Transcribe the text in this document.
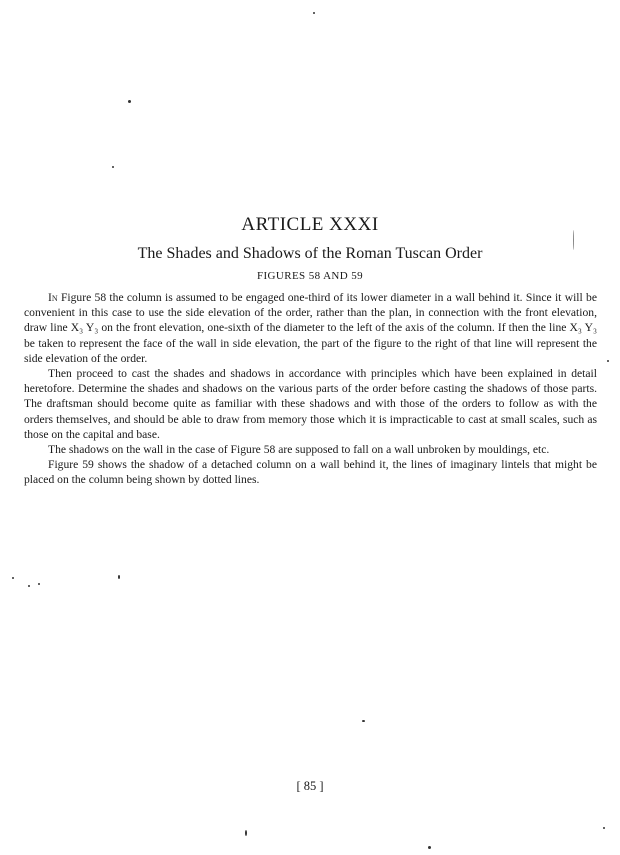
ARTICLE XXXI
The Shades and Shadows of the Roman Tuscan Order
FIGURES 58 AND 59

In Figure 58 the column is assumed to be engaged one-third of its lower diameter in a wall behind it. Since it will be convenient in this case to use the side elevation of the order, rather than the plan, in connection with the front elevation, draw line X₃ Y₃ on the front elevation, one-sixth of the diameter to the left of the axis of the column. If then the line X₃ Y₃ be taken to represent the face of the wall in side elevation, the part of the figure to the right of that line will represent the side elevation of the order.

Then proceed to cast the shades and shadows in accordance with principles which have been explained in detail heretofore. Determine the shades and shadows on the various parts of the order before casting the shadows of those parts. The draftsman should become quite as familiar with these shadows and with those of the orders to follow as with the orders themselves, and should be able to draw from memory those which it is impracticable to cast at small scales, such as those on the capital and base.

The shadows on the wall in the case of Figure 58 are supposed to fall on a wall unbroken by mouldings, etc.

Figure 59 shows the shadow of a detached column on a wall behind it, the lines of imaginary lintels that might be placed on the column being shown by dotted lines.

[ 85 ]
